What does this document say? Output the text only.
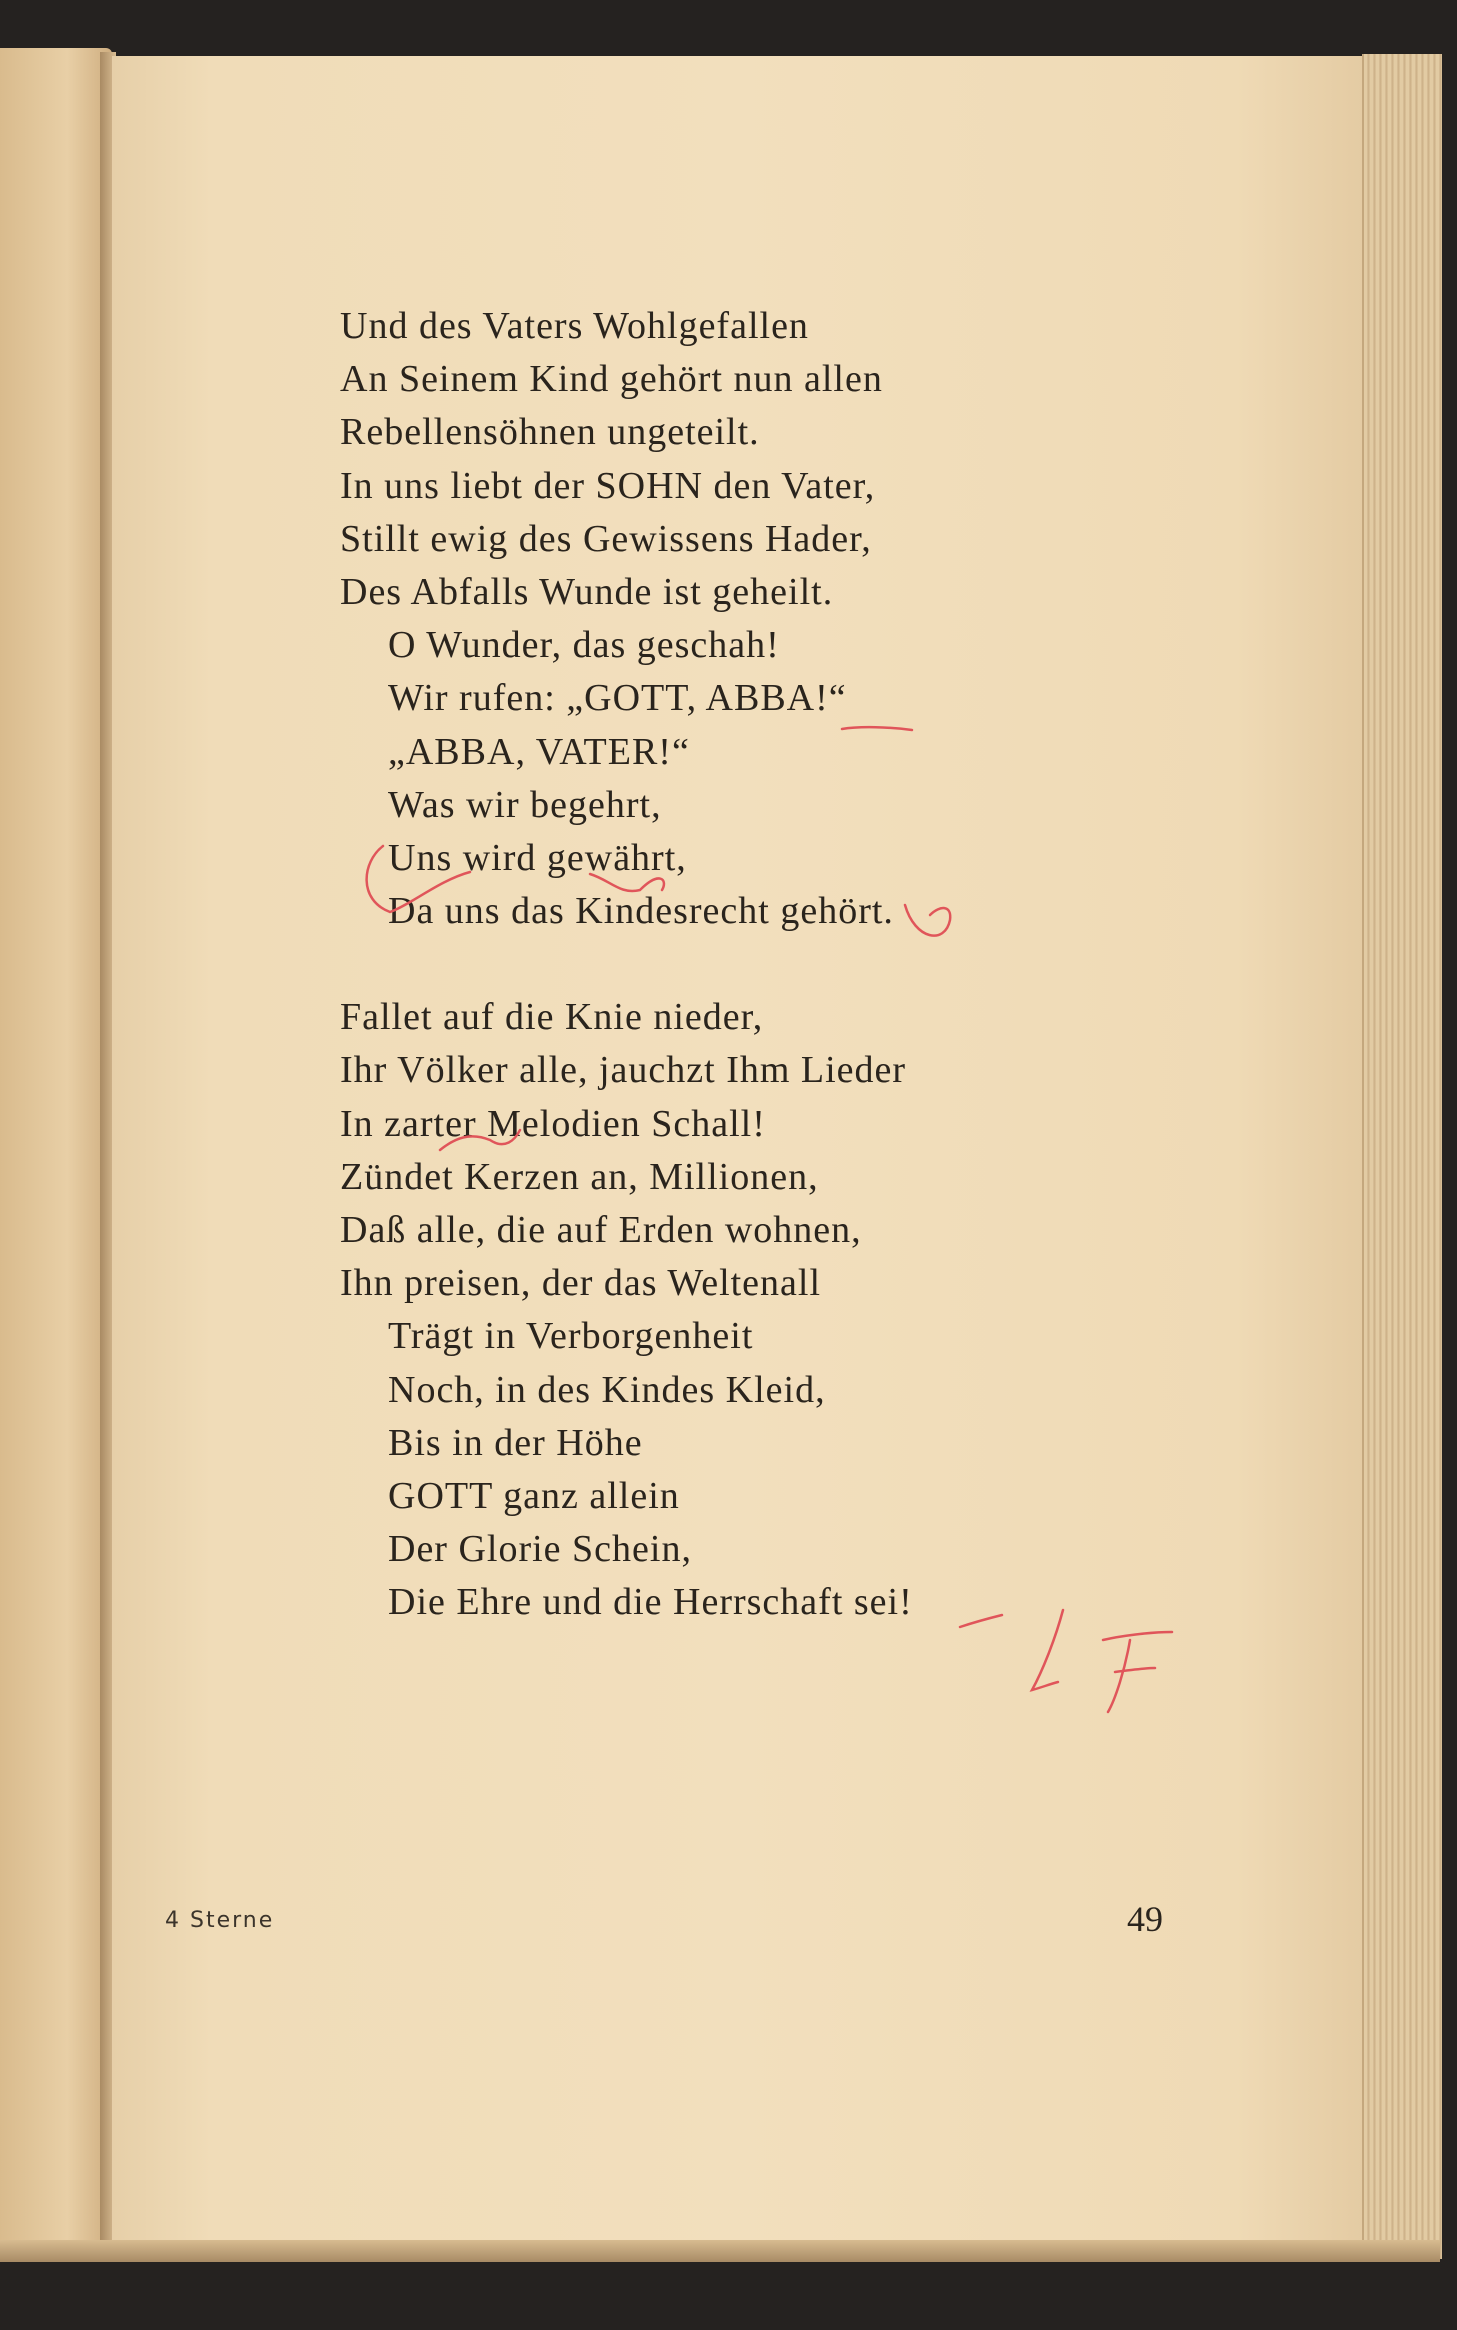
Und des Vaters Wohlgefallen
An Seinem Kind gehört nun allen
Rebellensöhnen ungeteilt.
In uns liebt der SOHN den Vater,
Stillt ewig des Gewissens Hader,
Des Abfalls Wunde ist geheilt.
O Wunder, das geschah!
Wir rufen: „GOTT, ABBA!“
„ABBA, VATER!“
Was wir begehrt,
Uns wird gewährt,
Da uns das Kindesrecht gehört.
Fallet auf die Knie nieder,
Ihr Völker alle, jauchzt Ihm Lieder
In zarter Melodien Schall!
Zündet Kerzen an, Millionen,
Daß alle, die auf Erden wohnen,
Ihn preisen, der das Weltenall
Trägt in Verborgenheit
Noch, in des Kindes Kleid,
Bis in der Höhe
GOTT ganz allein
Der Glorie Schein,
Die Ehre und die Herrschaft sei!
4 Sterne	49
